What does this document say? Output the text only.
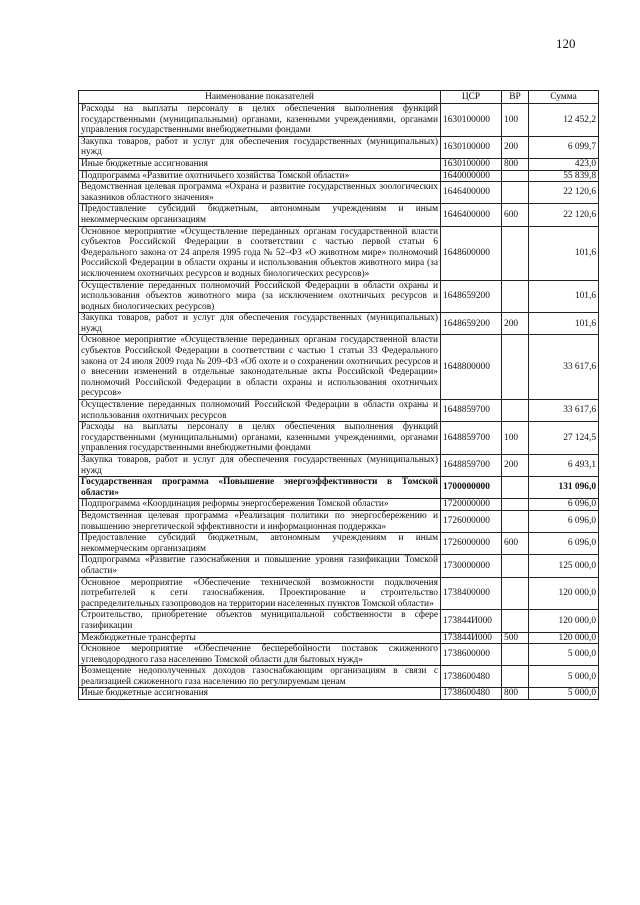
120
Наименование показателей	ЦСР	ВР	Сумма
Расходы на выплаты персоналу в целях обеспечения выполнения функций государственными (муниципальными) органами, казенными учреждениями, органами управления государственными внебюджетными фондами	1630100000	100	12 452,2
Закупка товаров, работ и услуг для обеспечения государственных (муниципальных) нужд	1630100000	200	6 099,7
Иные бюджетные ассигнования	1630100000	800	423,0
Подпрограмма «Развитие охотничьего хозяйства Томской области»	1640000000		55 839,8
Ведомственная целевая программа «Охрана и развитие государственных зоологических заказников областного значения»	1646400000		22 120,6
Предоставление субсидий бюджетным, автономным учреждениям и иным некоммерческим организациям	1646400000	600	22 120,6
Основное мероприятие «Осуществление переданных органам государственной власти субъектов Российской Федерации в соответствии с частью первой статьи 6 Федерального закона от 24 апреля 1995 года № 52–ФЗ «О животном мире» полномочий Российской Федерации в области охраны и использования объектов животного мира (за исключением охотничьих ресурсов и водных биологических ресурсов)»	1648600000		101,6
Осуществление переданных полномочий Российской Федерации в области охраны и использования объектов животного мира (за исключением охотничьих ресурсов и водных биологических ресурсов)	1648659200		101,6
Закупка товаров, работ и услуг для обеспечения государственных (муниципальных) нужд	1648659200	200	101,6
Основное мероприятие «Осуществление переданных органам государственной власти субъектов Российской Федерации в соответствии с частью 1 статьи 33 Федерального закона от 24 июля 2009 года № 209–ФЗ «Об охоте и о сохранении охотничьих ресурсов и о внесении изменений в отдельные законодательные акты Российской Федерации» полномочий Российской Федерации в области охраны и использования охотничьих ресурсов»	1648800000		33 617,6
Осуществление переданных полномочий Российской Федерации в области охраны и использования охотничьих ресурсов	1648859700		33 617,6
Расходы на выплаты персоналу в целях обеспечения выполнения функций государственными (муниципальными) органами, казенными учреждениями, органами управления государственными внебюджетными фондами	1648859700	100	27 124,5
Закупка товаров, работ и услуг для обеспечения государственных (муниципальных) нужд	1648859700	200	6 493,1
Государственная программа «Повышение энергоэффективности в Томской области»	1700000000		131 096,0
Подпрограмма «Координация реформы энергосбережения Томской области»	1720000000		6 096,0
Ведомственная целевая программа «Реализация политики по энергосбережению и повышению энергетической эффективности и информационная поддержка»	1726000000		6 096,0
Предоставление субсидий бюджетным, автономным учреждениям и иным некоммерческим организациям	1726000000	600	6 096,0
Подпрограмма «Развитие газоснабжения и повышение уровня газификации Томской области»	1730000000		125 000,0
Основное мероприятие «Обеспечение технической возможности подключения потребителей к сети газоснабжения. Проектирование и строительство распределительных газопроводов на территории населенных пунктов Томской области»	1738400000		120 000,0
Строительство, приобретение объектов муниципальной собственности в сфере газификации	173844И000		120 000,0
Межбюджетные трансферты	173844И000	500	120 000,0
Основное мероприятие «Обеспечение бесперебойности поставок сжиженного углеводородного газа населению Томской области для бытовых нужд»	1738600000		5 000,0
Возмещение недополученных доходов газоснабжающим организациям в связи с реализацией сжиженного газа населению по регулируемым ценам	1738600480		5 000,0
Иные бюджетные ассигнования	1738600480	800	5 000,0
